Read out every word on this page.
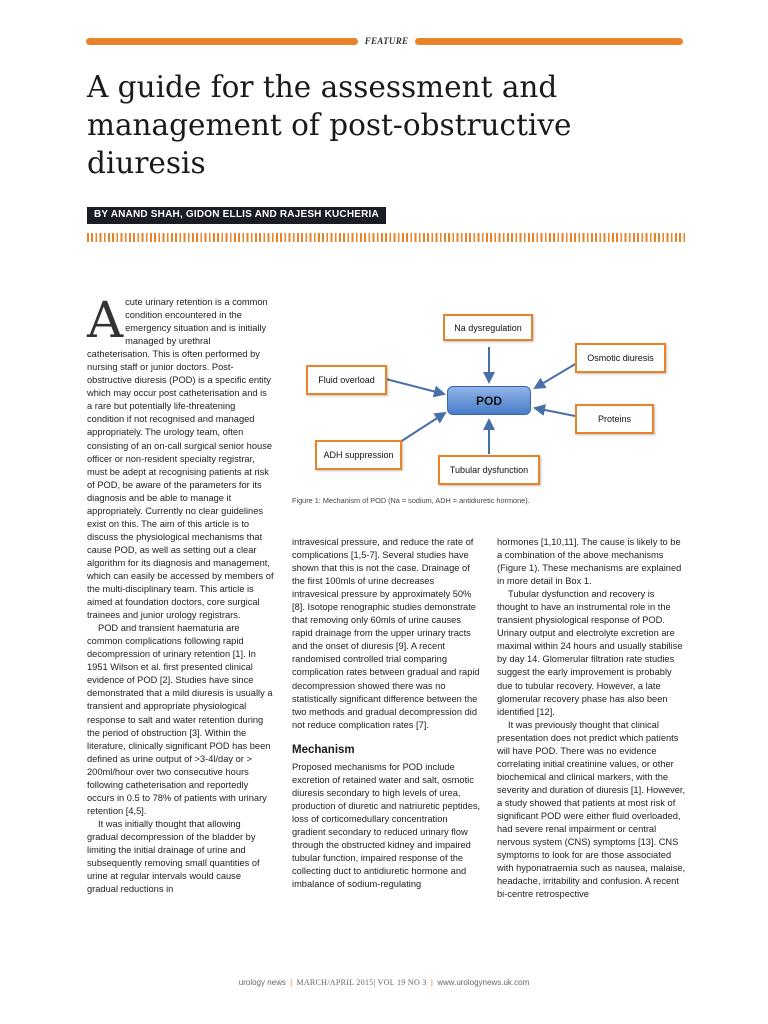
FEATURE
A guide for the assessment and management of post-obstructive diuresis
BY ANAND SHAH, GIDON ELLIS AND RAJESH KUCHERIA

Acute urinary retention is a common condition encountered in the emergency situation and is initially managed by urethral catheterisation. This is often performed by nursing staff or junior doctors. Post-obstructive diuresis (POD) is a specific entity which may occur post catheterisation and is a rare but potentially life-threatening condition if not recognised and managed appropriately. The urology team, often consisting of an on-call surgical senior house officer or non-resident specialty registrar, must be adept at recognising patients at risk of POD, be aware of the parameters for its diagnosis and be able to manage it appropriately. Currently no clear guidelines exist on this. The aim of this article is to discuss the physiological mechanisms that cause POD, as well as setting out a clear algorithm for its diagnosis and management, which can easily be accessed by members of the multi-disciplinary team. This article is aimed at foundation doctors, core surgical trainees and junior urology registrars.

POD and transient haematuria are common complications following rapid decompression of urinary retention [1]. In 1951 Wilson et al. first presented clinical evidence of POD [2]. Studies have since demonstrated that a mild diuresis is usually a transient and appropriate physiological response to salt and water retention during the period of obstruction [3]. Within the literature, clinically significant POD has been defined as urine output of >3-4l/day or > 200ml/hour over two consecutive hours following catheterisation and reportedly occurs in 0.5 to 78% of patients with urinary retention [4,5].

It was initially thought that allowing gradual decompression of the bladder by limiting the initial drainage of urine and subsequently removing small quantities of urine at regular intervals would cause gradual reductions in

Na dysregulation
Osmotic diuresis
Fluid overload
POD
Proteins
ADH suppression
Tubular dysfunction
Figure 1: Mechanism of POD (Na = sodium, ADH = antidiuretic hormone).

intravesical pressure, and reduce the rate of complications [1,5-7]. Several studies have shown that this is not the case. Drainage of the first 100mls of urine decreases intravesical pressure by approximately 50% [8]. Isotope renographic studies demonstrate that removing only 60mls of urine causes rapid drainage from the upper urinary tracts and the onset of diuresis [9]. A recent randomised controlled trial comparing complication rates between gradual and rapid decompression showed there was no statistically significant difference between the two methods and gradual decompression did not reduce complication rates [7].

Mechanism

Proposed mechanisms for POD include excretion of retained water and salt, osmotic diuresis secondary to high levels of urea, production of diuretic and natriuretic peptides, loss of corticomedullary concentration gradient secondary to reduced urinary flow through the obstructed kidney and impaired tubular function, impaired response of the collecting duct to antidiuretic hormone and imbalance of sodium-regulating

hormones [1,10,11]. The cause is likely to be a combination of the above mechanisms (Figure 1). These mechanisms are explained in more detail in Box 1.

Tubular dysfunction and recovery is thought to have an instrumental role in the transient physiological response of POD. Urinary output and electrolyte excretion are maximal within 24 hours and usually stabilise by day 14. Glomerular filtration rate studies suggest the early improvement is probably due to tubular recovery. However, a late glomerular recovery phase has also been identified [12].

It was previously thought that clinical presentation does not predict which patients will have POD. There was no evidence correlating initial creatinine values, or other biochemical and clinical markers, with the severity and duration of diuresis [1]. However, a study showed that patients at most risk of significant POD were either fluid overloaded, had severe renal impairment or central nervous system (CNS) symptoms [13]. CNS symptoms to look for are those associated with hyponatraemia such as nausea, malaise, headache, irritability and confusion. A recent bi-centre retrospective

urology news | MARCH/APRIL 2015| VOL 19 NO 3 | www.urologynews.uk.com
